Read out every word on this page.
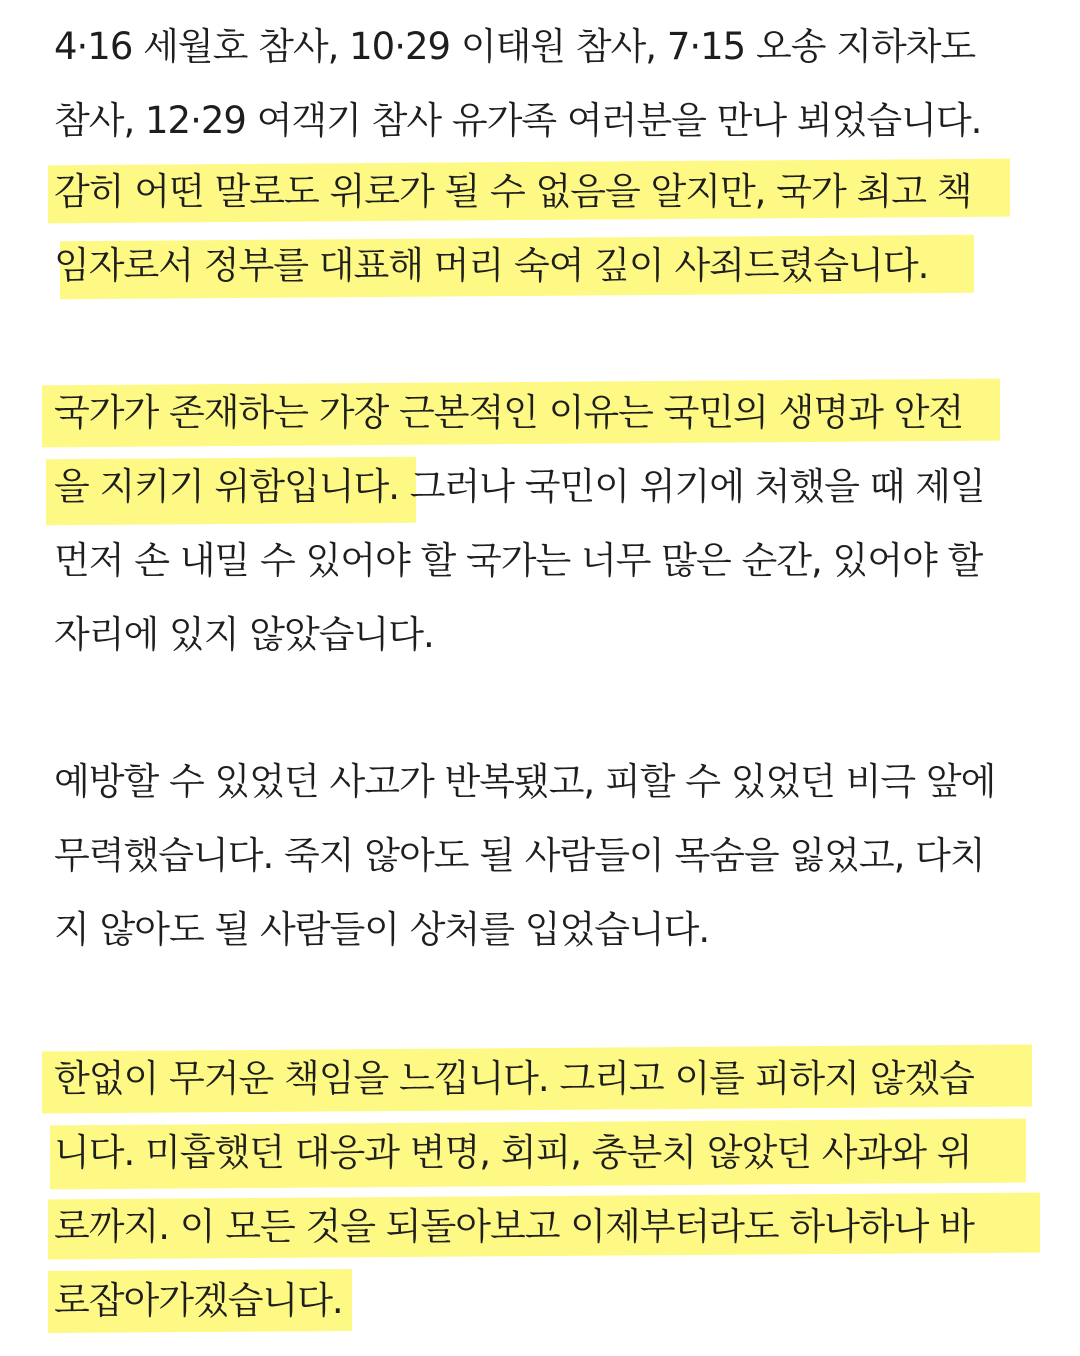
4·16 세월호 참사, 10·29 이태원 참사, 7·15 오송 지하차도
참사, 12·29 여객기 참사 유가족 여러분을 만나 뵈었습니다.
감히 어떤 말로도 위로가 될 수 없음을 알지만, 국가 최고 책
임자로서 정부를 대표해 머리 숙여 깊이 사죄드렸습니다.
국가가 존재하는 가장 근본적인 이유는 국민의 생명과 안전
을 지키기 위함입니다. 그러나 국민이 위기에 처했을 때 제일
먼저 손 내밀 수 있어야 할 국가는 너무 많은 순간, 있어야 할
자리에 있지 않았습니다.
예방할 수 있었던 사고가 반복됐고, 피할 수 있었던 비극 앞에
무력했습니다. 죽지 않아도 될 사람들이 목숨을 잃었고, 다치
지 않아도 될 사람들이 상처를 입었습니다.
한없이 무거운 책임을 느낍니다. 그리고 이를 피하지 않겠습
니다. 미흡했던 대응과 변명, 회피, 충분치 않았던 사과와 위
로까지. 이 모든 것을 되돌아보고 이제부터라도 하나하나 바
로잡아가겠습니다.
